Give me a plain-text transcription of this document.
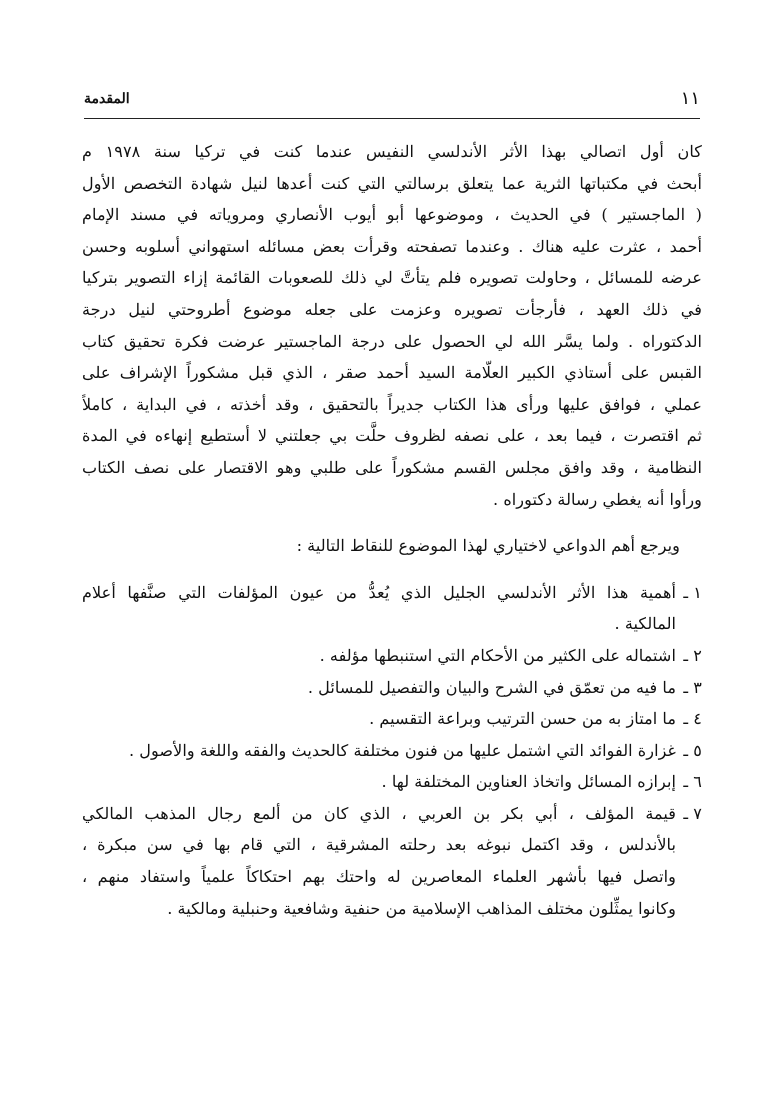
١١
المقدمة
كان أول اتصالي بهذا الأثر الأندلسي النفيس عندما كنت في تركيا سنة ١٩٧٨ م
أبحث في مكتباتها الثرية عما يتعلق برسالتي التي كنت أعدها لنيل شهادة التخصص الأول
( الماجستير ) في الحديث ، وموضوعها أبو أيوب الأنصاري ومروياته في مسند الإمام
أحمد ، عثرت عليه هناك . وعندما تصفحته وقرأت بعض مسائله استهواني أسلوبه وحسن
عرضه للمسائل ، وحاولت تصويره فلم يتأتَّ لي ذلك للصعوبات القائمة إزاء التصوير بتركيا
في ذلك العهد ، فأرجأت تصويره وعزمت على جعله موضوع أطروحتي لنيل درجة
الدكتوراه . ولما يسَّر الله لي الحصول على درجة الماجستير عرضت فكرة تحقيق كتاب
القبس على أستاذي الكبير العلّامة السيد أحمد صقر ، الذي قبل مشكوراً الإشراف على
عملي ، فوافق عليها ورأى هذا الكتاب جديراً بالتحقيق ، وقد أخذته ، في البداية ، كاملاً
ثم اقتصرت ، فيما بعد ، على نصفه لظروف حلَّت بي جعلتني لا أستطيع إنهاءه في المدة
النظامية ، وقد وافق مجلس القسم مشكوراً على طلبي وهو الاقتصار على نصف الكتاب
ورأوا أنه يغطي رسالة دكتوراه .
ويرجع أهم الدواعي لاختياري لهذا الموضوع للنقاط التالية :
١ ـ
أهمية هذا الأثر الأندلسي الجليل الذي يُعدُّ من عيون المؤلفات التي صنَّفها أعلام
المالكية .
٢ ـ
اشتماله على الكثير من الأحكام التي استنبطها مؤلفه .
٣ ـ
ما فيه من تعمّق في الشرح والبيان والتفصيل للمسائل .
٤ ـ
ما امتاز به من حسن الترتيب وبراعة التقسيم .
٥ ـ
غزارة الفوائد التي اشتمل عليها من فنون مختلفة كالحديث والفقه واللغة والأصول .
٦ ـ
إبرازه المسائل واتخاذ العناوين المختلفة لها .
٧ ـ
قيمة المؤلف ، أبي بكر بن العربي ، الذي كان من ألمع رجال المذهب المالكي
بالأندلس ، وقد اكتمل نبوغه بعد رحلته المشرقية ، التي قام بها في سن مبكرة ،
واتصل فيها بأشهر العلماء المعاصرين له واحتك بهم احتكاكاً علمياً واستفاد منهم ،
وكانوا يمثِّلون مختلف المذاهب الإسلامية من حنفية وشافعية وحنبلية ومالكية .
